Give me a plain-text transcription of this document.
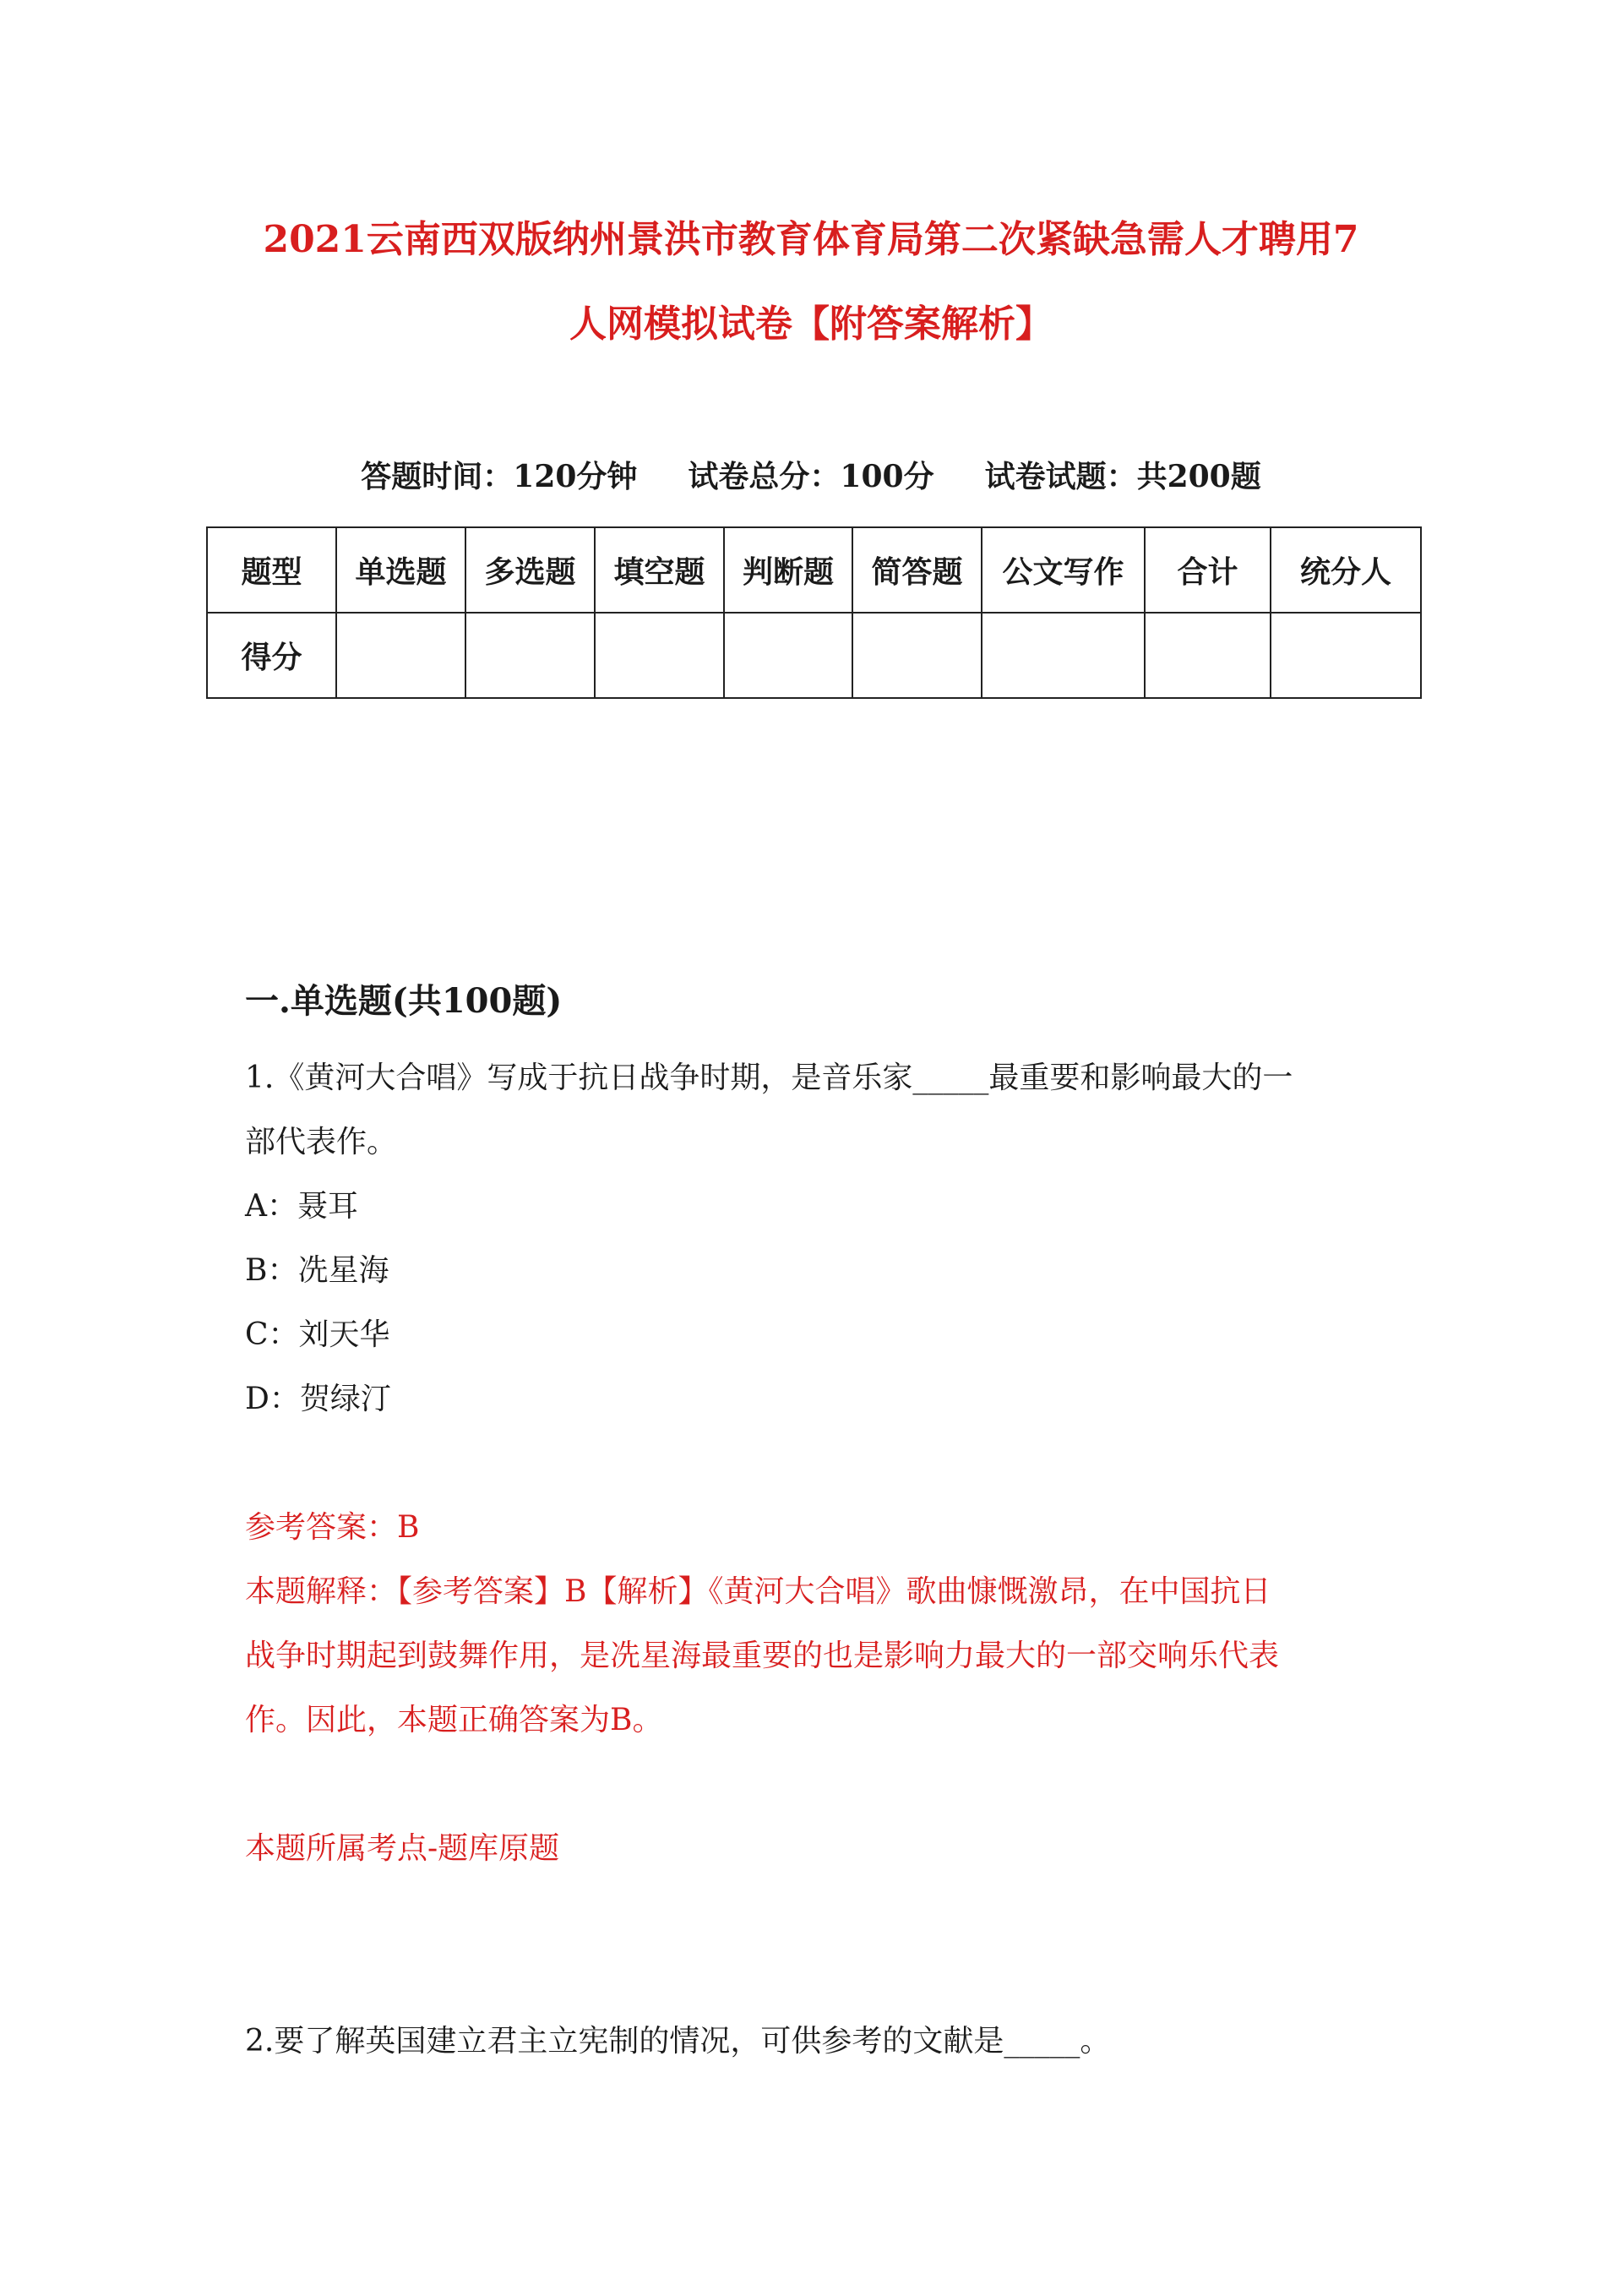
2021云南西双版纳州景洪市教育体育局第二次紧缺急需人才聘用7
人网模拟试卷【附答案解析】
答题时间：120分钟 试卷总分：100分 试卷试题：共200题
题型	单选题	多选题	填空题	判断题	简答题	公文写作	合计	统分人
得分								
一.单选题(共100题)
1.《黄河大合唱》写成于抗日战争时期，是音乐家_____最重要和影响最大的一
部代表作。
A：聂耳
B：冼星海
C：刘天华
D：贺绿汀
参考答案：B
本题解释：【参考答案】B【解析】《黄河大合唱》歌曲慷慨激昂，在中国抗日
战争时期起到鼓舞作用，是冼星海最重要的也是影响力最大的一部交响乐代表
作。因此，本题正确答案为B。
本题所属考点-题库原题
2.要了解英国建立君主立宪制的情况，可供参考的文献是_____。
